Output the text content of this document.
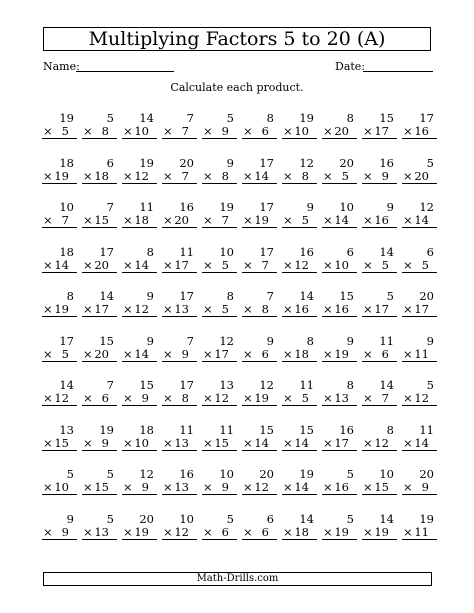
Multiplying Factors 5 to 20 (A)
Name:	Date:
Calculate each product.
19
× 5
5
× 8
14
× 10
7
× 7
5
× 9
8
× 6
19
× 10
8
× 20
15
× 17
17
× 16
18
× 19
6
× 18
19
× 12
20
× 7
9
× 8
17
× 14
12
× 8
20
× 5
16
× 9
5
× 20
10
× 7
7
× 15
11
× 18
16
× 20
19
× 7
17
× 19
9
× 5
10
× 14
9
× 16
12
× 14
18
× 14
17
× 20
8
× 14
11
× 17
10
× 5
17
× 7
16
× 12
6
× 10
14
× 5
6
× 5
8
× 19
14
× 17
9
× 12
17
× 13
8
× 5
7
× 8
14
× 16
15
× 16
5
× 17
20
× 17
17
× 5
15
× 20
9
× 14
7
× 9
12
× 17
9
× 6
8
× 18
9
× 19
11
× 6
9
× 11
14
× 12
7
× 6
15
× 9
17
× 8
13
× 12
12
× 19
11
× 5
8
× 13
14
× 7
5
× 12
13
× 15
19
× 9
18
× 10
11
× 13
11
× 15
15
× 14
15
× 14
16
× 17
8
× 12
11
× 14
5
× 10
5
× 15
12
× 9
16
× 13
10
× 9
20
× 12
19
× 14
5
× 16
10
× 15
20
× 9
9
× 9
5
× 13
20
× 19
10
× 12
5
× 6
6
× 6
14
× 18
5
× 19
14
× 19
19
× 11
Math-Drills.com
